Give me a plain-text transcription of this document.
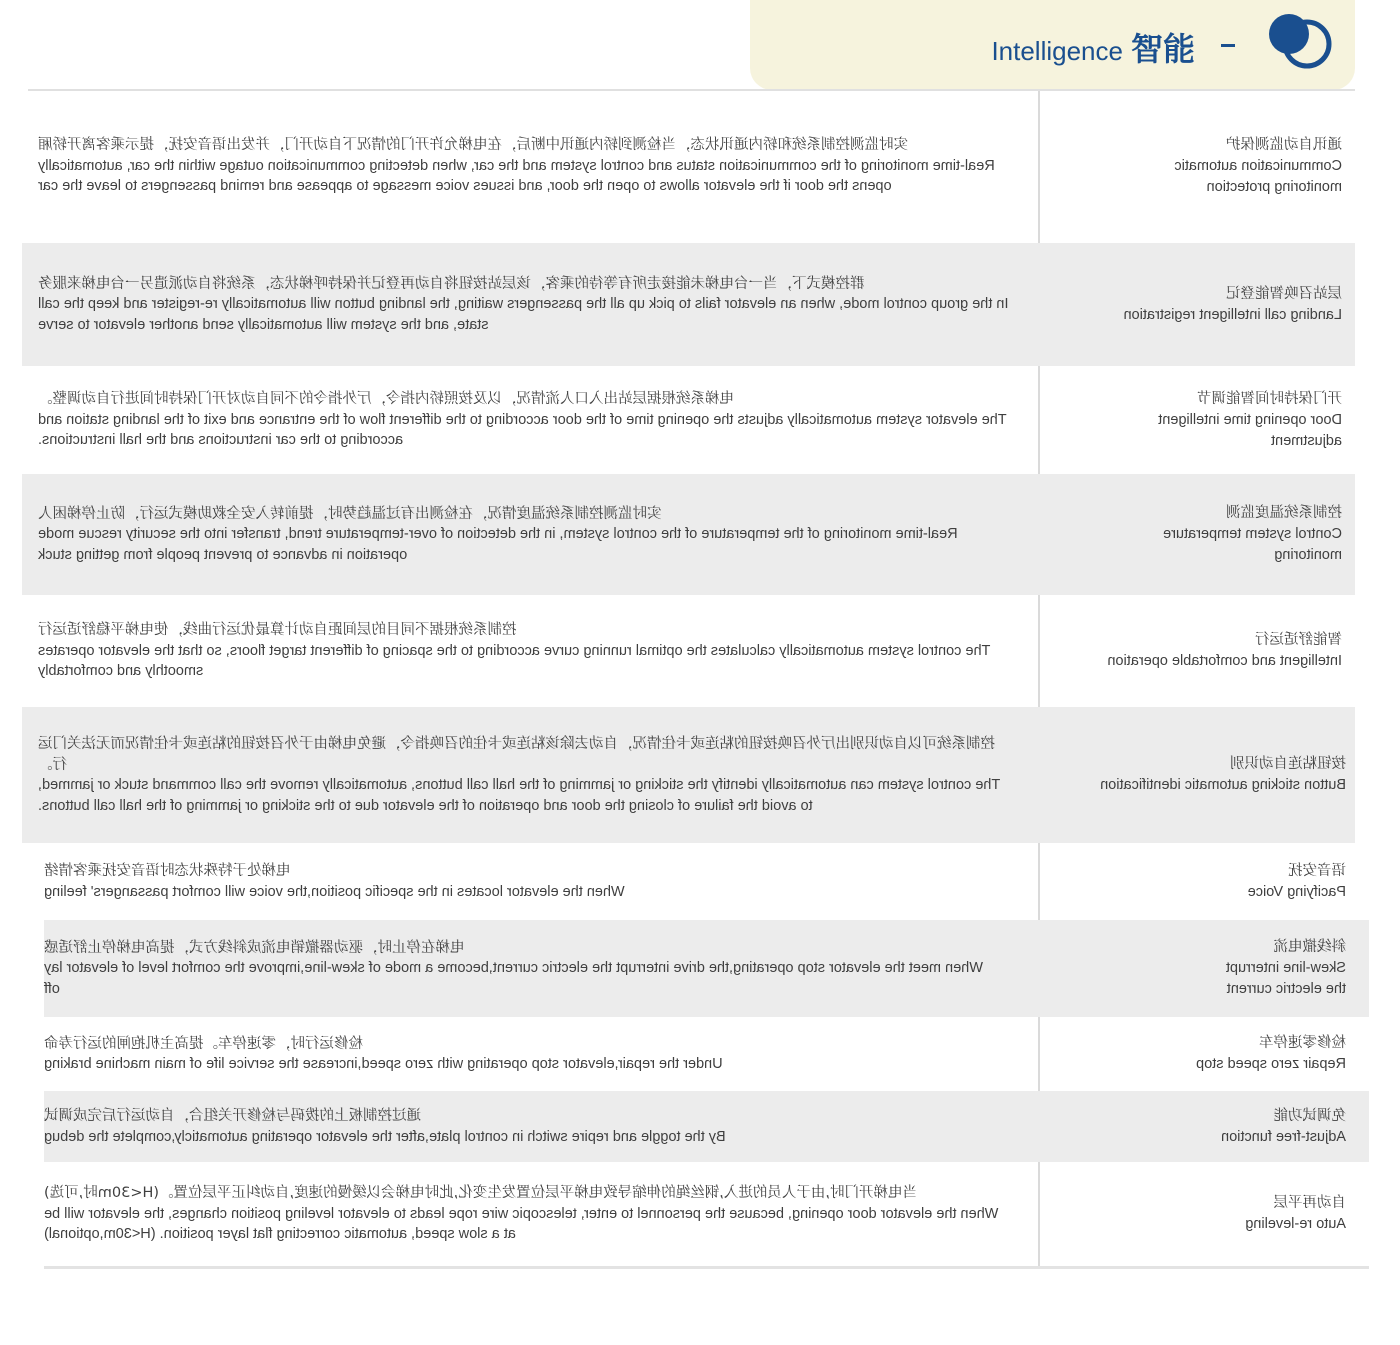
Intelligence 智能
实时监测控制系统和轿内通讯状态，当检测到轿内通讯中断后，在电梯允许开门的情况下自动开门，并发出语音安抚，提示乘客离开轿厢
Real-time monitoring of the communication status and control system and the car, when detecting communication outage within the car, automatically opens the door if the elevator allows to open the door, and issues voice message to appease and remind passengers to leave the car
通讯自动监测保护
Communication automatic monitoring protection
群控模式下，当一台电梯未能接走所有等待的乘客，该层站按钮将自动再登记并保持呼梯状态，系统将自动派遣另一台电梯来服务
In the group control mode, when an elevator fails to pick up all the passengers waiting, the landing button will automatically re-register and keep the call state, and the system will automatically send another elevator to serve
层站召唤智能登记
Landing call intelligent registration
电梯系统根据层站出入口人流情况，以及按照轿内指令，厅外指令的不同自动对开门保持时间进行自动调整。
The elevator system automatically adjusts the opening time of the door according to the different flow of the entrance and exit of the landing station and according to the car instructions and the hall instructions.
开门保持时间智能调节
Door opening time intelligent adjustment
实时监测控制系统温度情况，在检测出有过温趋势时，提前转入安全救助模式运行，防止停梯困人
Real-time monitoring of the temperature of the control system, in the detection of over-temperature trend, transfer into the security rescue mode operation in advance to prevent people from getting stuck
控制系统温度监测
Control system temperature monitoring
控制系统根据不同目的层间距自动计算最优运行曲线，使电梯平稳舒适运行
The control system automatically calculates the optimal running curve according to the spacing of different target floors, so that the elevator operates smoothly and comfortably
智能舒适运行
Intelligent and comfortable operation
控制系统可以自动识别出厅外召唤按钮的粘连或卡住情况，自动去除该粘连或卡住的召唤指令，避免电梯由于外召按钮的粘连或卡住情况而无法关门运行。
The control system can automatically identify the sticking or jamming of the hall call buttons, automatically remove the call command stuck or jammed, to avoid the failure of closing the door and operation of the elevator due to the sticking or jamming of the hall call buttons.
按钮粘连自动识别
Button sticking automatic identification
电梯处于特殊状态时语音安抚乘客情绪
When the elevator locates in the specific position,the voice will comfort passangers' feeling
语音安抚
Pacifying Voice
电梯在停止时，驱动器撤销电流成斜线方式，提高电梯停止舒适感
When meet the elevator stop operating,the drive interrupt the electric current,become a mode of skew-line,improve the comfort level of elevator lay off
斜线撤电流
Skew-line interrupt the electric current
检修运行时，零速停车。提高主机抱闸的运行寿命
Under the repair,elevator stop operating with zero speed,increase the service life of main machine braking
检修零速停车
Repair zero speed stop
通过控制板上的拨码与检修开关组合，自动运行后完成调试
By the toggle and repire switch in control plate,after the elevator operating automaticly,complete the debug
免调试功能
Adjust-free function
当电梯开门时,由于人员的进入,钢丝绳的伸缩导致电梯平层位置发生变化,此时电梯会以缓慢的速度,自动纠正平层位置。(H<30m时,可选)
When the elevator door opening, because the personnel to enter, telescopic wire rope leads to elevator leveling position changes, the elevator will be at a slow speed, automatic correcting flat layer position. (H<30m,optional)
自动再平层
Auto re-leveling
